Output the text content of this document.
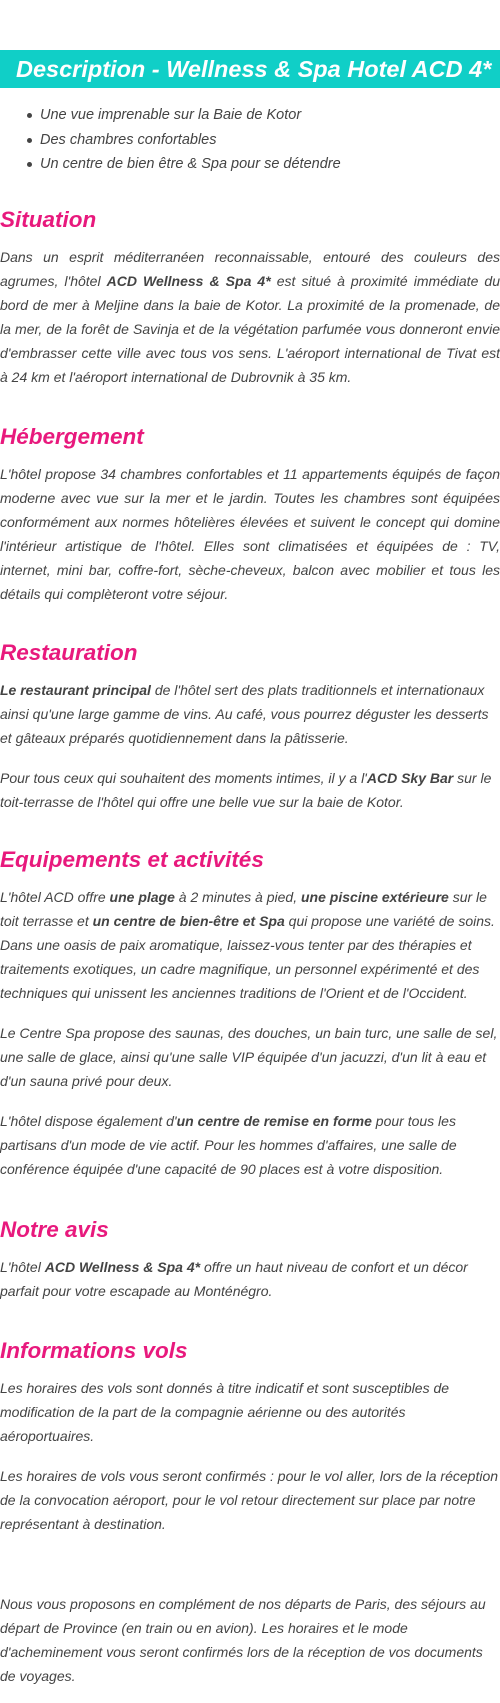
Description - Wellness & Spa Hotel ACD 4*
Une vue imprenable sur la Baie de Kotor
Des chambres confortables
Un centre de bien être & Spa pour se détendre
Situation

Dans un esprit méditerranéen reconnaissable, entouré des couleurs des agrumes, l'hôtel ACD Wellness & Spa 4* est situé à proximité immédiate du bord de mer à Meljine dans la baie de Kotor. La proximité de la promenade, de la mer, de la forêt de Savinja et de la végétation parfumée vous donneront envie d'embrasser cette ville avec tous vos sens. L'aéroport international de Tivat est à 24 km et l'aéroport international de Dubrovnik à 35 km.

Hébergement

L'hôtel propose 34 chambres confortables et 11 appartements équipés de façon moderne avec vue sur la mer et le jardin. Toutes les chambres sont équipées conformément aux normes hôtelières élevées et suivent le concept qui domine l'intérieur artistique de l'hôtel. Elles sont climatisées et équipées de : TV, internet, mini bar, coffre-fort, sèche-cheveux, balcon avec mobilier et tous les détails qui complèteront votre séjour.

Restauration

Le restaurant principal de l'hôtel sert des plats traditionnels et internationaux ainsi qu'une large gamme de vins. Au café, vous pourrez déguster les desserts et gâteaux préparés quotidiennement dans la pâtisserie.

Pour tous ceux qui souhaitent des moments intimes, il y a l'ACD Sky Bar sur le toit-terrasse de l'hôtel qui offre une belle vue sur la baie de Kotor.

Equipements et activités

L'hôtel ACD offre une plage à 2 minutes à pied, une piscine extérieure sur le toit terrasse et un centre de bien-être et Spa qui propose une variété de soins. Dans une oasis de paix aromatique, laissez-vous tenter par des thérapies et traitements exotiques, un cadre magnifique, un personnel expérimenté et des techniques qui unissent les anciennes traditions de l'Orient et de l'Occident.

Le Centre Spa propose des saunas, des douches, un bain turc, une salle de sel, une salle de glace, ainsi qu'une salle VIP équipée d'un jacuzzi, d'un lit à eau et d'un sauna privé pour deux.

L'hôtel dispose également d'un centre de remise en forme pour tous les partisans d'un mode de vie actif. Pour les hommes d'affaires, une salle de conférence équipée d'une capacité de 90 places est à votre disposition.

Notre avis

L'hôtel ACD Wellness & Spa 4* offre un haut niveau de confort et un décor parfait pour votre escapade au Monténégro.

Informations vols

Les horaires des vols sont donnés à titre indicatif et sont susceptibles de modification de la part de la compagnie aérienne ou des autorités aéroportuaires.

Les horaires de vols vous seront confirmés : pour le vol aller, lors de la réception de la convocation aéroport, pour le vol retour directement sur place par notre représentant à destination.

Nous vous proposons en complément de nos départs de Paris, des séjours au départ de Province (en train ou en avion). Les horaires et le mode d'acheminement vous seront confirmés lors de la réception de vos documents de voyages.
